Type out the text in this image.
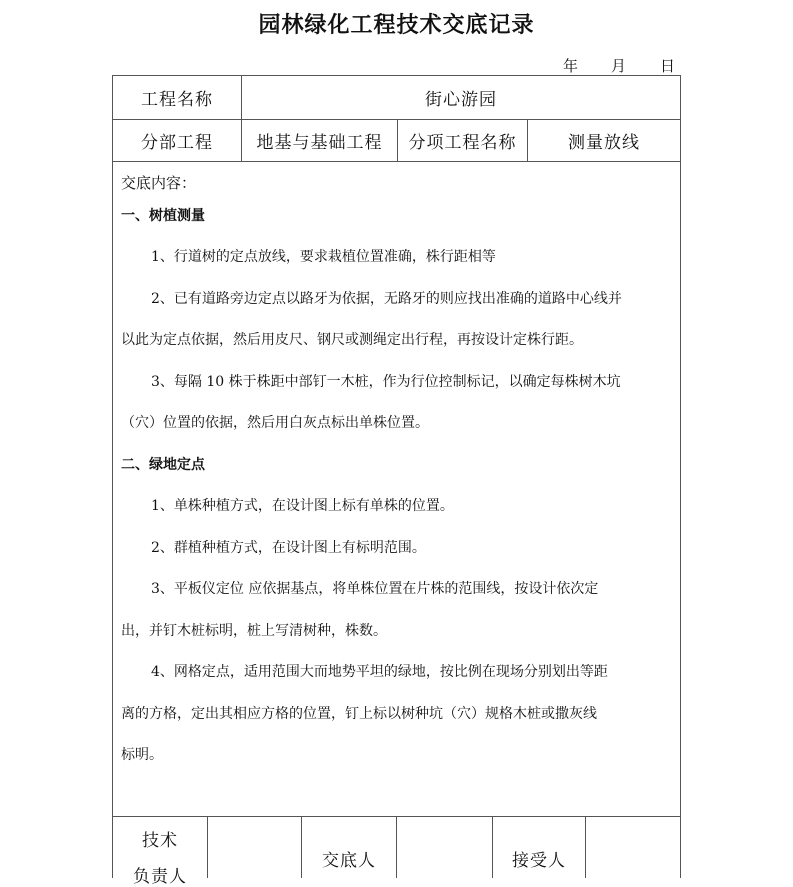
园林绿化工程技术交底记录
年 月 日
工程名称	街心游园
分部工程	地基与基础工程	分项工程名称	测量放线
交底内容：
一、树植测量
1、行道树的定点放线，要求栽植位置准确，株行距相等
2、已有道路旁边定点以路牙为依据，无路牙的则应找出准确的道路中心线并
以此为定点依据，然后用皮尺、钢尺或测绳定出行程，再按设计定株行距。
3、每隔 10 株于株距中部钉一木桩，作为行位控制标记，以确定每株树木坑
（穴）位置的依据，然后用白灰点标出单株位置。
二、绿地定点
1、单株种植方式，在设计图上标有单株的位置。
2、群植种植方式，在设计图上有标明范围。
3、平板仪定位 应依据基点，将单株位置在片株的范围线，按设计依次定
出，并钉木桩标明，桩上写清树种，株数。
4、网格定点，适用范围大而地势平坦的绿地，按比例在现场分别划出等距
离的方格，定出其相应方格的位置，钉上标以树种坑（穴）规格木桩或撒灰线
标明。
技术
负责人
交底人	接受人
